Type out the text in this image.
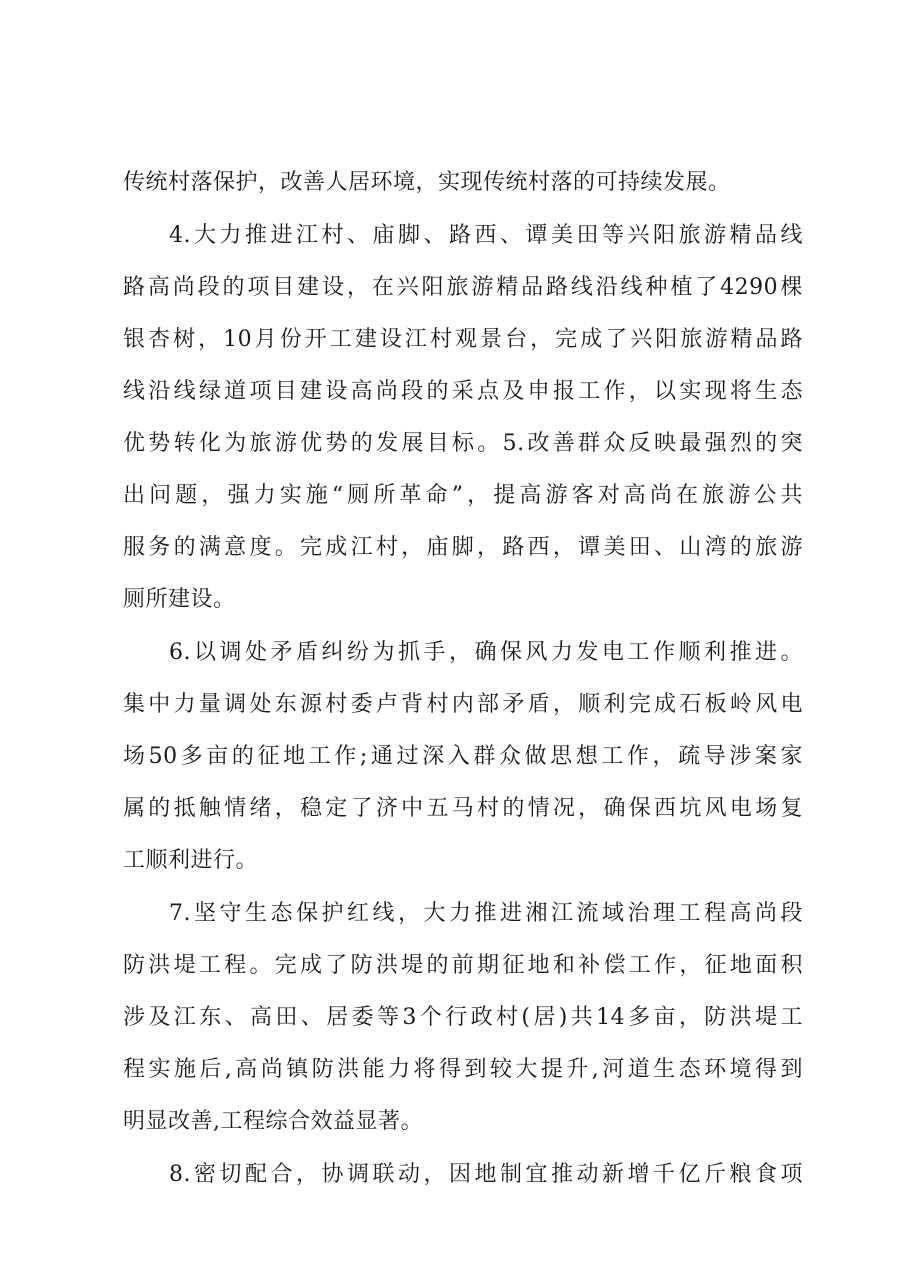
传统村落保护，改善人居环境，实现传统村落的可持续发展。
4.大力推进江村、庙脚、路西、谭美田等兴阳旅游精品线
路高尚段的项目建设，在兴阳旅游精品路线沿线种植了4290棵
银杏树，10月份开工建设江村观景台，完成了兴阳旅游精品路
线沿线绿道项目建设高尚段的采点及申报工作，以实现将生态
优势转化为旅游优势的发展目标。5.改善群众反映最强烈的突
出问题，强力实施“厕所革命”，提高游客对高尚在旅游公共
服务的满意度。完成江村，庙脚，路西，谭美田、山湾的旅游
厕所建设。
6.以调处矛盾纠纷为抓手，确保风力发电工作顺利推进。
集中力量调处东源村委卢背村内部矛盾，顺利完成石板岭风电
场50多亩的征地工作;通过深入群众做思想工作，疏导涉案家
属的抵触情绪，稳定了济中五马村的情况，确保西坑风电场复
工顺利进行。
7.坚守生态保护红线，大力推进湘江流域治理工程高尚段
防洪堤工程。完成了防洪堤的前期征地和补偿工作，征地面积
涉及江东、高田、居委等3个行政村(居)共14多亩，防洪堤工
程实施后,高尚镇防洪能力将得到较大提升,河道生态环境得到
明显改善,工程综合效益显著。
8.密切配合，协调联动，因地制宜推动新增千亿斤粮食项
